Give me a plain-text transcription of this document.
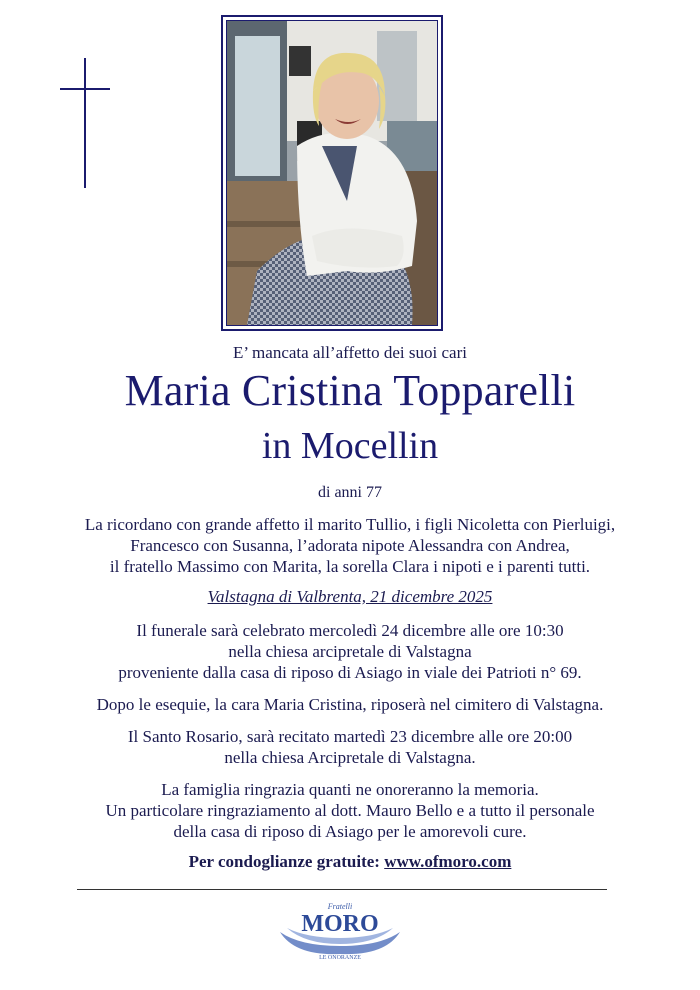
E’ mancata all’affetto dei suoi cari
Maria Cristina Topparelli
in Mocellin
di anni 77
La ricordano con grande affetto il marito Tullio, i figli Nicoletta con Pierluigi,
Francesco con Susanna, l’adorata nipote Alessandra con Andrea,
il fratello Massimo con Marita, la sorella Clara i nipoti e i parenti tutti.
Valstagna di Valbrenta, 21 dicembre 2025
Il funerale sarà celebrato mercoledì 24 dicembre alle ore 10:30
nella chiesa arcipretale di Valstagna
proveniente dalla casa di riposo di Asiago in viale dei Patrioti n° 69.
Dopo le esequie, la cara Maria Cristina, riposerà nel cimitero di Valstagna.
Il Santo Rosario, sarà recitato martedì 23 dicembre alle ore 20:00
nella chiesa Arcipretale di Valstagna.
La famiglia ringrazia quanti ne onoreranno la memoria.
Un particolare ringraziamento al dott. Mauro Bello e a tutto il personale
della casa di riposo di Asiago per le amorevoli cure.
Per condoglianze gratuite: www.ofmoro.com
Fratelli
MORO
LE ONORANZE
